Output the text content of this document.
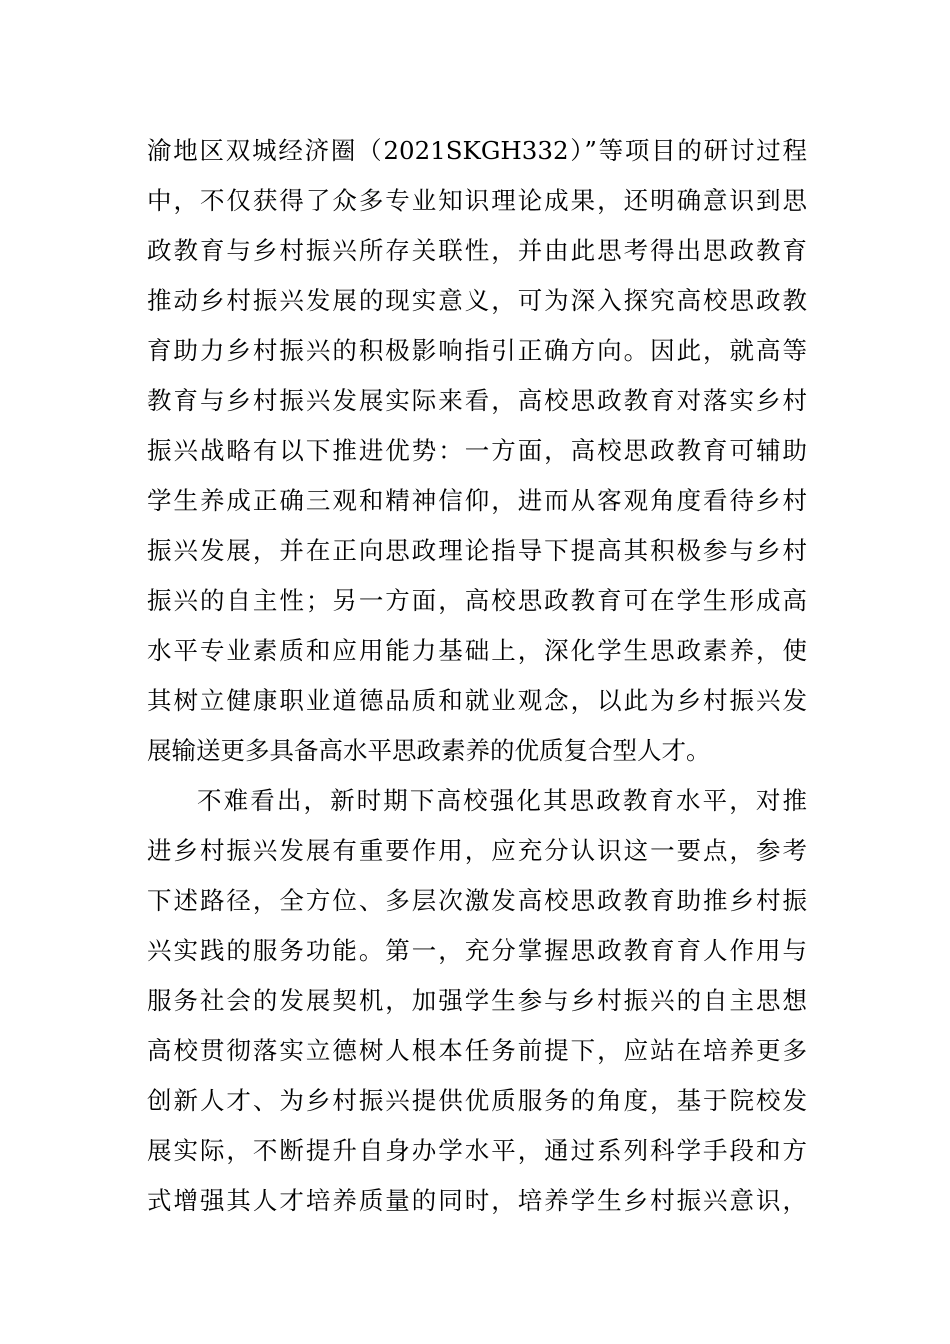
渝地区双城经济圈（2021SKGH332）”等项目的研讨过程
中，不仅获得了众多专业知识理论成果，还明确意识到思
政教育与乡村振兴所存关联性，并由此思考得出思政教育
推动乡村振兴发展的现实意义，可为深入探究高校思政教
育助力乡村振兴的积极影响指引正确方向。因此，就高等
教育与乡村振兴发展实际来看，高校思政教育对落实乡村
振兴战略有以下推进优势：一方面，高校思政教育可辅助
学生养成正确三观和精神信仰，进而从客观角度看待乡村
振兴发展，并在正向思政理论指导下提高其积极参与乡村
振兴的自主性；另一方面，高校思政教育可在学生形成高
水平专业素质和应用能力基础上，深化学生思政素养，使
其树立健康职业道德品质和就业观念，以此为乡村振兴发
展输送更多具备高水平思政素养的优质复合型人才。
不难看出，新时期下高校强化其思政教育水平，对推
进乡村振兴发展有重要作用，应充分认识这一要点，参考
下述路径，全方位、多层次激发高校思政教育助推乡村振
兴实践的服务功能。第一，充分掌握思政教育育人作用与
服务社会的发展契机，加强学生参与乡村振兴的自主思想
高校贯彻落实立德树人根本任务前提下，应站在培养更多
创新人才、为乡村振兴提供优质服务的角度，基于院校发
展实际，不断提升自身办学水平，通过系列科学手段和方
式增强其人才培养质量的同时，培养学生乡村振兴意识，
